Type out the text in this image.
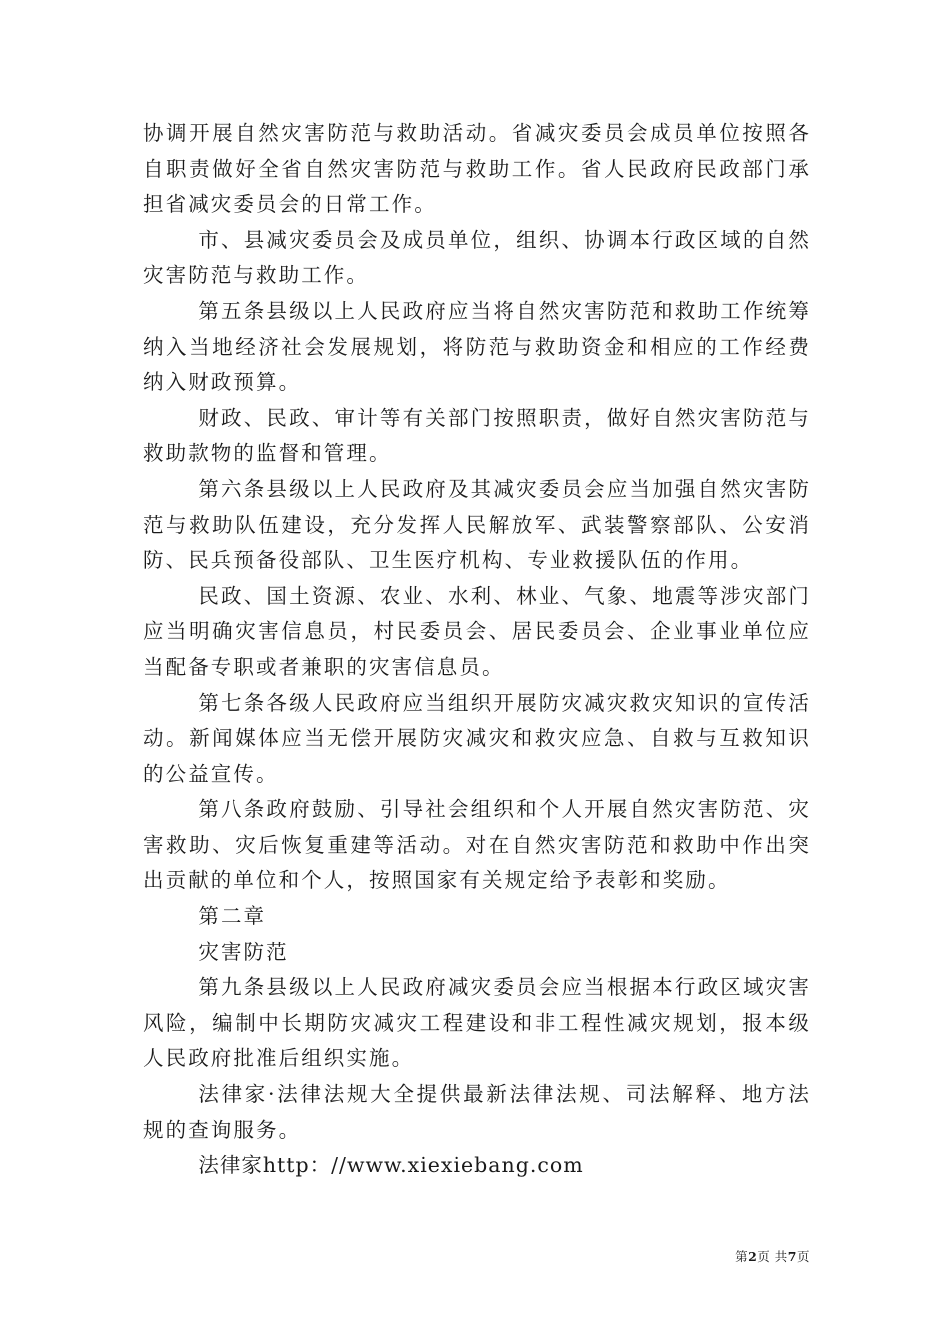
协调开展自然灾害防范与救助活动。省减灾委员会成员单位按照各自职责做好全省自然灾害防范与救助工作。省人民政府民政部门承担省减灾委员会的日常工作。

市、县减灾委员会及成员单位，组织、协调本行政区域的自然灾害防范与救助工作。

第五条县级以上人民政府应当将自然灾害防范和救助工作统筹纳入当地经济社会发展规划，将防范与救助资金和相应的工作经费纳入财政预算。

财政、民政、审计等有关部门按照职责，做好自然灾害防范与救助款物的监督和管理。

第六条县级以上人民政府及其减灾委员会应当加强自然灾害防范与救助队伍建设，充分发挥人民解放军、武装警察部队、公安消防、民兵预备役部队、卫生医疗机构、专业救援队伍的作用。

民政、国土资源、农业、水利、林业、气象、地震等涉灾部门应当明确灾害信息员，村民委员会、居民委员会、企业事业单位应当配备专职或者兼职的灾害信息员。

第七条各级人民政府应当组织开展防灾减灾救灾知识的宣传活动。新闻媒体应当无偿开展防灾减灾和救灾应急、自救与互救知识的公益宣传。

第八条政府鼓励、引导社会组织和个人开展自然灾害防范、灾害救助、灾后恢复重建等活动。对在自然灾害防范和救助中作出突出贡献的单位和个人，按照国家有关规定给予表彰和奖励。

第二章

灾害防范

第九条县级以上人民政府减灾委员会应当根据本行政区域灾害风险，编制中长期防灾减灾工程建设和非工程性减灾规划，报本级人民政府批准后组织实施。

法律家·法律法规大全提供最新法律法规、司法解释、地方法规的查询服务。

法律家http：//www.xiexiebang.com

第2页 共7页
